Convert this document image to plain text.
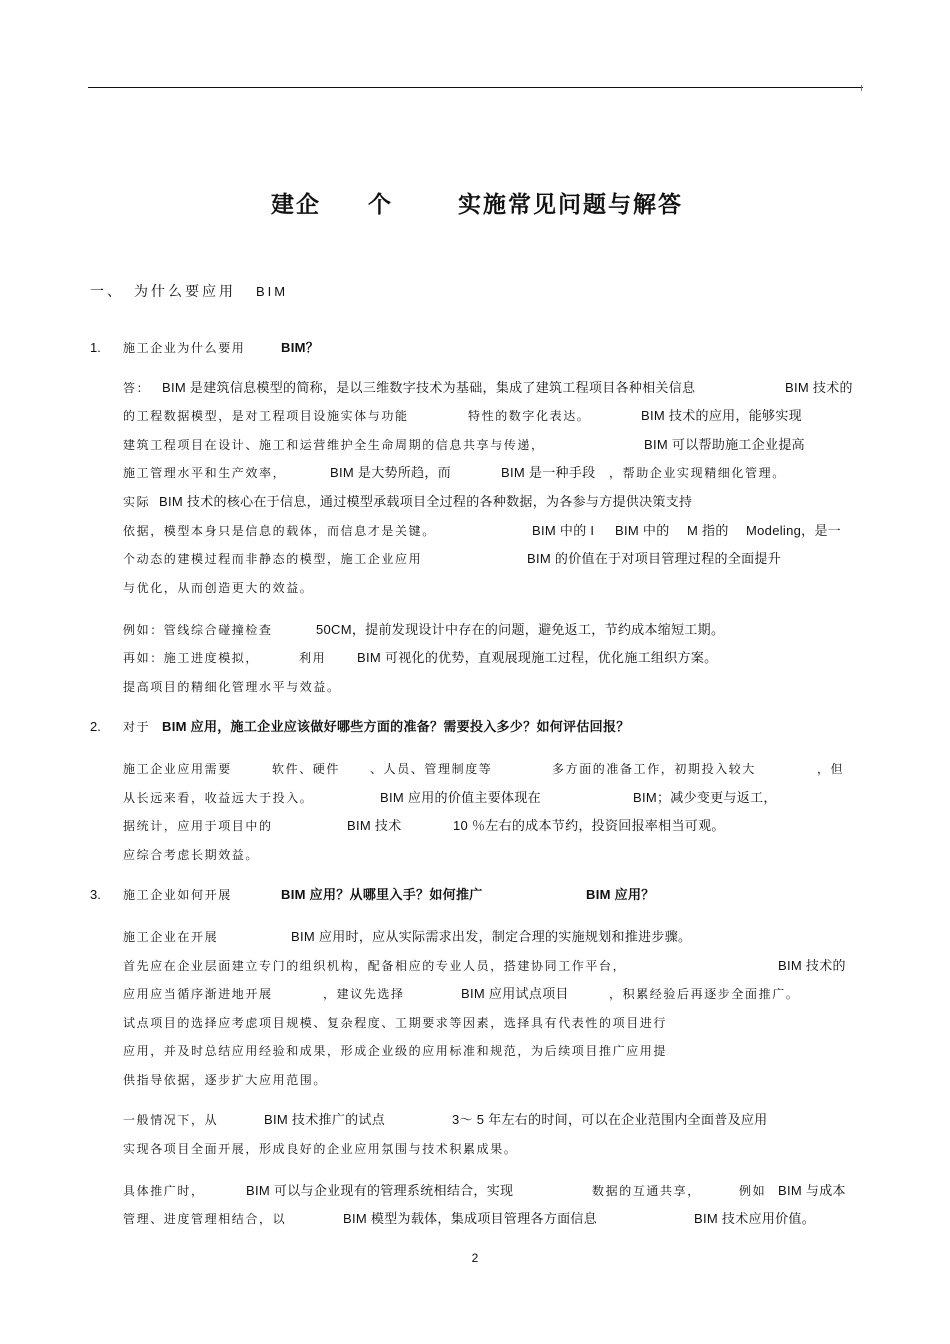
建企 个	实施常见问题与解答
一、 为什么要应用 BIM
1. 施工企业为什么要用	BIM？
答： BIM 是建筑信息模型的简称，是以三维数字技术为基础，集成了建筑工程项目各种相关信息	BIM 技术的
的工程数据模型，是对工程项目设施实体与功能	特性的数字化表达。	BIM 技术的应用，能够实现
建筑工程项目在设计、施工和运营维护全生命周期的信息共享与传递，	BIM 可以帮助施工企业提高
施工管理水平和生产效率，	BIM 是大势所趋，而	BIM 是一种手段 ，帮助企业实现精细化管理。
实际 BIM 技术的核心在于信息，通过模型承载项目全过程的各种数据，为各参与方提供决策支持
依据，模型本身只是信息的载体，而信息才是关键。	BIM 中的 I BIM 中的 M 指的 Modeling，是一
个动态的建模过程而非静态的模型，施工企业应用	BIM 的价值在于对项目管理过程的全面提升
与优化，从而创造更大的效益。
例如：管线综合碰撞检查	50CM，提前发现设计中存在的问题，避免返工，节约成本缩短工期。
再如：施工进度模拟，	利用 BIM 可视化的优势，直观展现施工过程，优化施工组织方案。
提高项目的精细化管理水平与效益。
2. 对于 BIM 应用，施工企业应该做好哪些方面的准备？需要投入多少？如何评估回报？
施工企业应用需要	软件、硬件 、人员、管理制度等	多方面的准备工作，初期投入较大	，但
从长远来看，收益远大于投入。	BIM 应用的价值主要体现在	BIM；减少变更与返工，
据统计，应用于项目中的	BIM 技术	10 ％左右的成本节约，投资回报率相当可观。
应综合考虑长期效益。
3. 施工企业如何开展	BIM 应用？从哪里入手？如何推广	BIM 应用？
施工企业在开展	BIM 应用时，应从实际需求出发，制定合理的实施规划和推进步骤。
首先应在企业层面建立专门的组织机构，配备相应的专业人员，搭建协同工作平台，	BIM 技术的
应用应当循序渐进地开展	，建议先选择	BIM 应用试点项目	，积累经验后再逐步全面推广。
试点项目的选择应考虑项目规模、复杂程度、工期要求等因素，选择具有代表性的项目进行
应用，并及时总结应用经验和成果，形成企业级的应用标准和规范，为后续项目推广应用提
供指导依据，逐步扩大应用范围。
一般情况下，从	BIM 技术推广的试点	3～ 5 年左右的时间，可以在企业范围内全面普及应用
实现各项目全面开展，形成良好的企业应用氛围与技术积累成果。
具体推广时，	BIM 可以与企业现有的管理系统相结合，实现	数据的互通共享，	例如 BIM 与成本
管理、进度管理相结合，以	BIM 模型为载体，集成项目管理各方面信息	BIM 技术应用价值。
2
